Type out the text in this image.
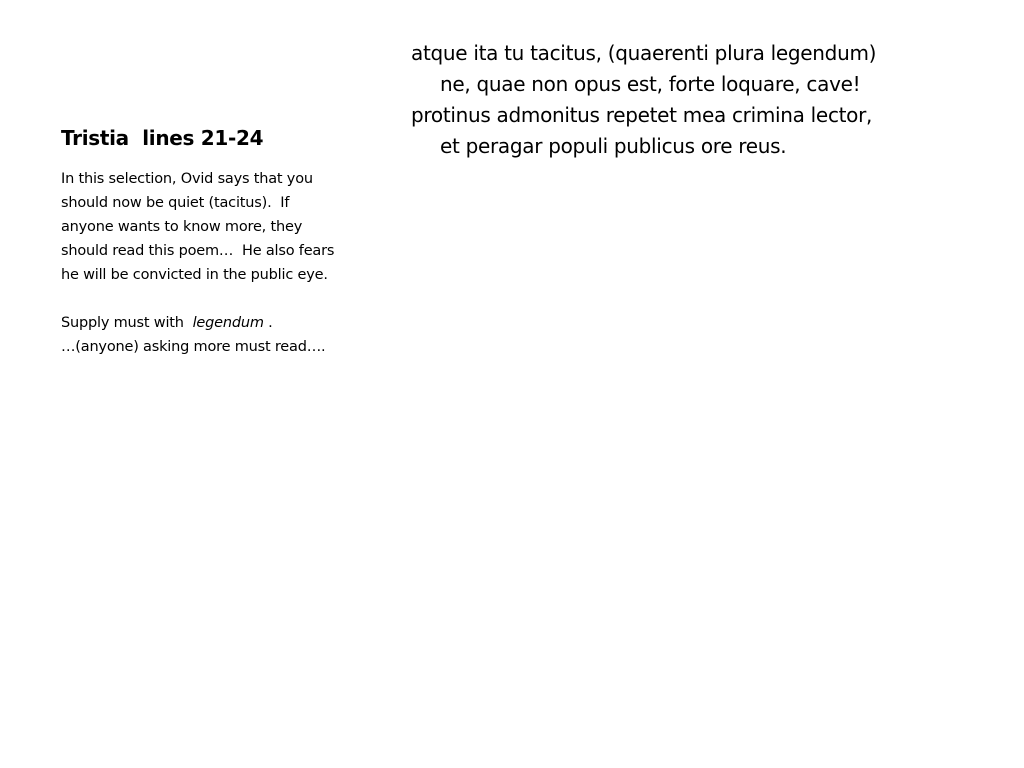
atque ita tu tacitus, (quaerenti plura legendum)
ne, quae non opus est, forte loquare, cave!
protinus admonitus repetet mea crimina lector,
et peragar populi publicus ore reus.
Tristia  lines 21-24
In this selection, Ovid says that you
should now be quiet (tacitus).  If
anyone wants to know more, they
should read this poem…  He also fears
he will be convicted in the public eye.
Supply must with  legendum .
…(anyone) asking more must read….
